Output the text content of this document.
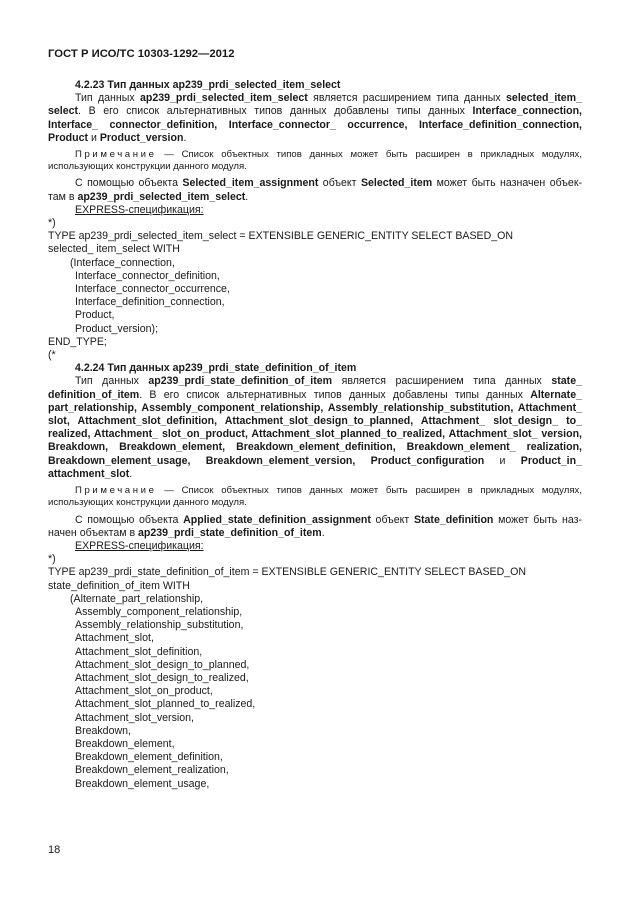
ГОСТ Р ИСО/ТС 10303-1292—2012

4.2.23 Тип данных ap239_prdi_selected_item_select

Тип данных ap239_prdi_selected_item_select является расширением типа данных selected_item_ select. В его список альтернативных типов данных добавлены типы данных Interface_connection, Interface_ connector_definition, Interface_connector_ occurrence, Interface_definition_connection, Product и Product_version.

Примечание — Список объектных типов данных может быть расширен в прикладных модулях, использующих конструкции данного модуля.

С помощью объекта Selected_item_assignment объект Selected_item может быть назначен объек-там в ap239_prdi_selected_item_select.

EXPRESS-спецификация:

*)
TYPE ap239_prdi_selected_item_select = EXTENSIBLE GENERIC_ENTITY SELECT BASED_ON
selected_ item_select WITH
(Interface_connection,
Interface_connector_definition,
Interface_connector_occurrence,
Interface_definition_connection,
Product,
Product_version);
END_TYPE;
(*

4.2.24 Тип данных ap239_prdi_state_definition_of_item

Тип данных ap239_prdi_state_definition_of_item является расширением типа данных state_ definition_of_item. В его список альтернативных типов данных добавлены типы данных Alternate_ part_relationship, Assembly_component_relationship, Assembly_relationship_substitution, Attachment_ slot, Attachment_slot_definition, Attachment_slot_design_to_planned, Attachment_ slot_design_ to_ realized, Attachment_ slot_on_product, Attachment_slot_planned_to_realized, Attachment_slot_ version, Breakdown, Breakdown_element, Breakdown_element_definition, Breakdown_element_ realization, Breakdown_element_usage, Breakdown_element_version, Product_configuration и Product_in_ attachment_slot.

Примечание — Список объектных типов данных может быть расширен в прикладных модулях, использующих конструкции данного модуля.

С помощью объекта Applied_state_definition_assignment объект State_definition может быть наз-начен объектам в ap239_prdi_state_definition_of_item.

EXPRESS-спецификация:

*)
TYPE ap239_prdi_state_definition_of_item = EXTENSIBLE GENERIC_ENTITY SELECT BASED_ON
state_definition_of_item WITH
(Alternate_part_relationship,
Assembly_component_relationship,
Assembly_relationship_substitution,
Attachment_slot,
Attachment_slot_definition,
Attachment_slot_design_to_planned,
Attachment_slot_design_to_realized,
Attachment_slot_on_product,
Attachment_slot_planned_to_realized,
Attachment_slot_version,
Breakdown,
Breakdown_element,
Breakdown_element_definition,
Breakdown_element_realization,
Breakdown_element_usage,
18
